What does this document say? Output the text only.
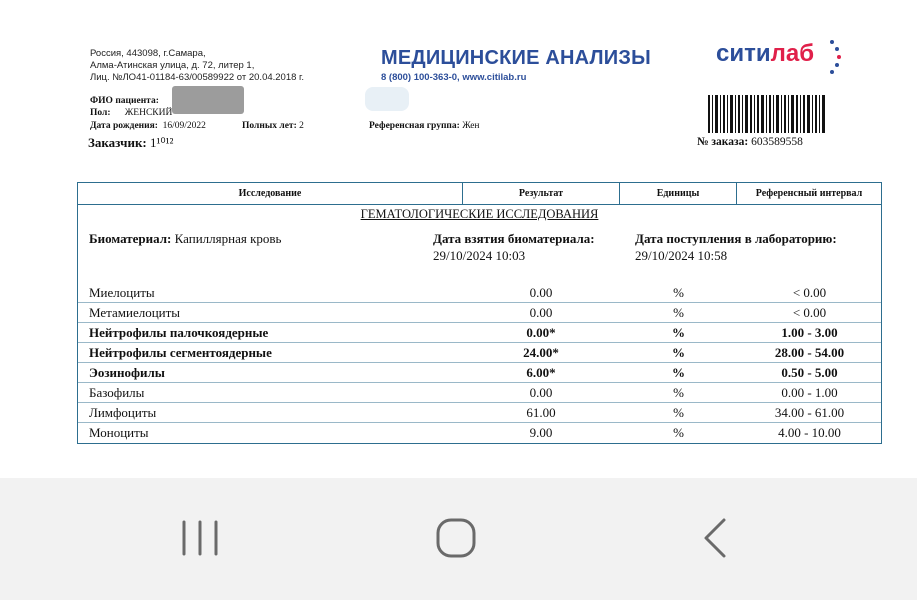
Россия, 443098, г.Самара,
Алма-Атинская улица, д. 72, литер 1,
Лиц. №ЛО41-01184-63/00589922 от 20.04.2018 г.
МЕДИЦИНСКИЕ АНАЛИЗЫ
8 (800) 100-363-0, www.citilab.ru
ситилаб
ФИО пациента:
Пол: ЖЕНСКИЙ
Дата рождения: 16/09/2022	Полных лет: 2	Референсная группа: Жен
Заказчик: 1¹⁰¹²	№ заказа: 603589558
Исследование	Результат	Единицы	Референсный интервал
ГЕМАТОЛОГИЧЕСКИЕ ИССЛЕДОВАНИЯ
Биоматериал: Капиллярная кровь	Дата взятия биоматериала:
29/10/2024 10:03
Дата поступления в лабораторию:
29/10/2024 10:58
Миелоциты	0.00	%	< 0.00
Метамиелоциты	0.00	%	< 0.00
Нейтрофилы палочкоядерные	0.00*	%	1.00 - 3.00
Нейтрофилы сегментоядерные	24.00*	%	28.00 - 54.00
Эозинофилы	6.00*	%	0.50 - 5.00
Базофилы	0.00	%	0.00 - 1.00
Лимфоциты	61.00	%	34.00 - 61.00
Моноциты	9.00	%	4.00 - 10.00
